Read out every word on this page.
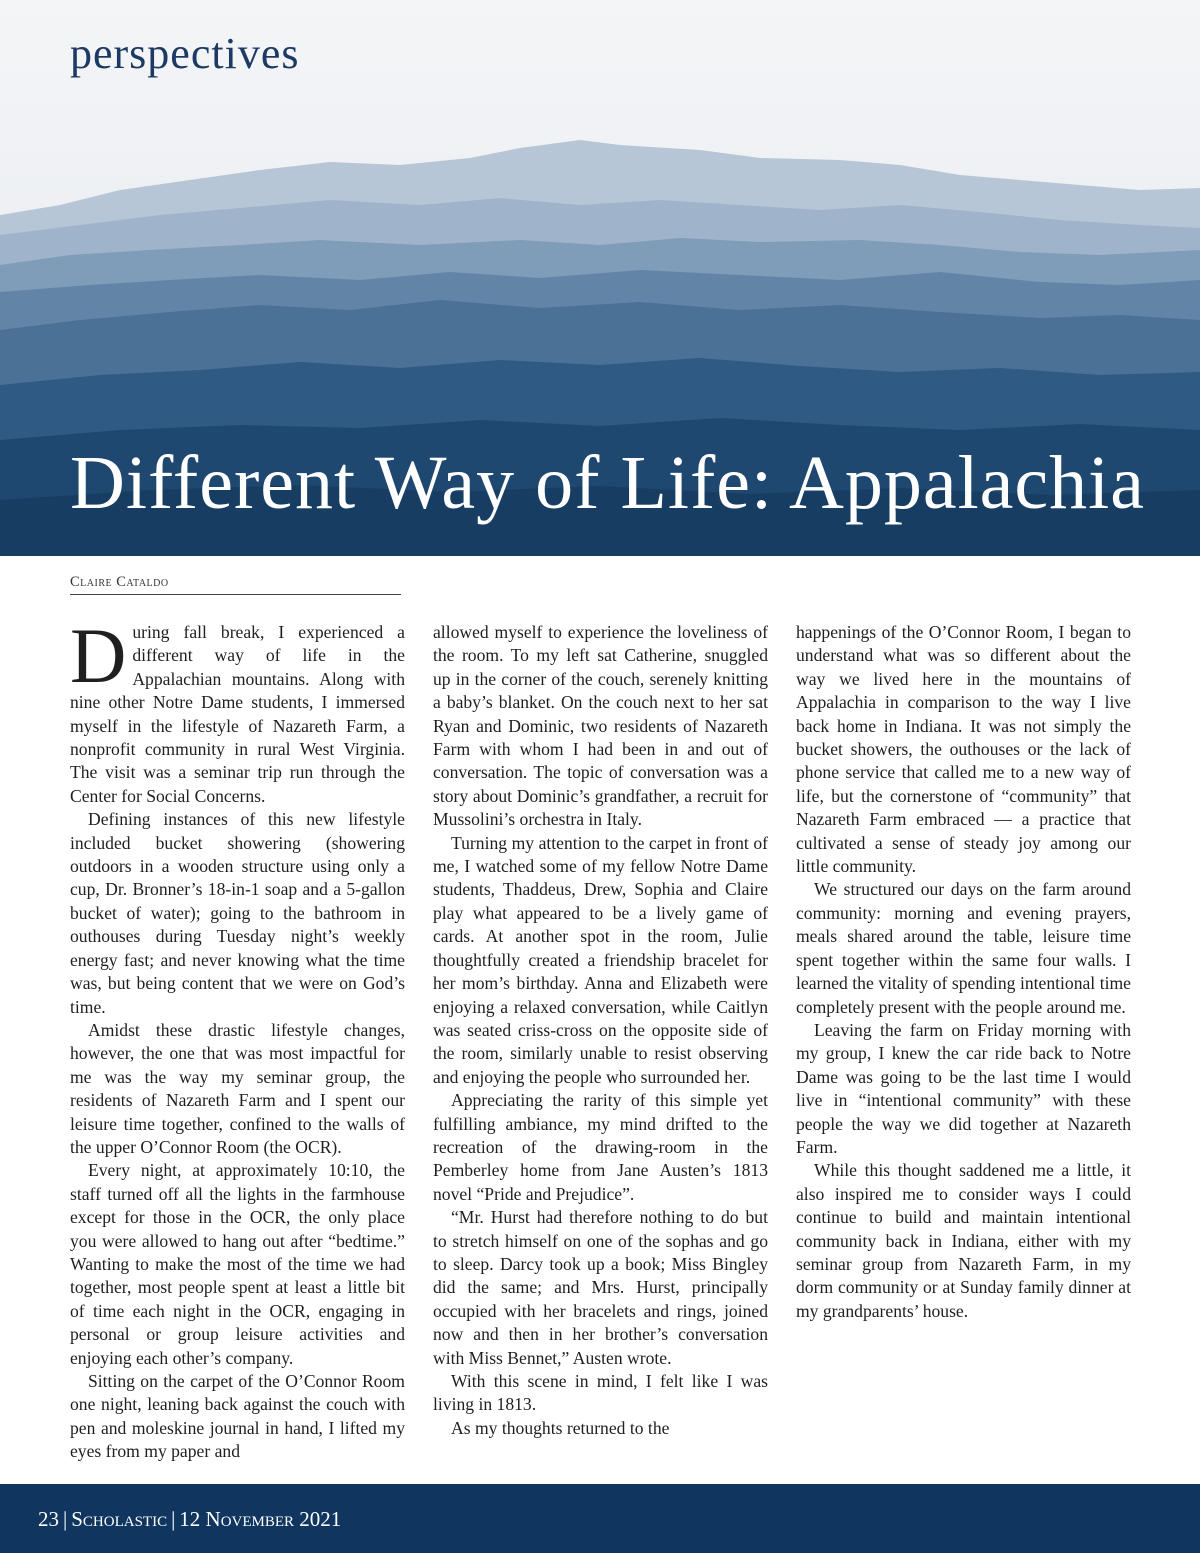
perspectives
Different Way of Life: Appalachia
Claire Cataldo

During fall break, I experienced a different way of life in the Appalachian mountains. Along with nine other Notre Dame students, I immersed myself in the lifestyle of Nazareth Farm, a nonprofit community in rural West Virginia. The visit was a seminar trip run through the Center for Social Concerns.

Defining instances of this new lifestyle included bucket showering (showering outdoors in a wooden structure using only a cup, Dr. Bronner’s 18-in-1 soap and a 5-gallon bucket of water); going to the bathroom in outhouses during Tuesday night’s weekly energy fast; and never knowing what the time was, but being content that we were on God’s time.

Amidst these drastic lifestyle changes, however, the one that was most impactful for me was the way my seminar group, the residents of Nazareth Farm and I spent our leisure time together, confined to the walls of the upper O’Connor Room (the OCR).

Every night, at approximately 10:10, the staff turned off all the lights in the farmhouse except for those in the OCR, the only place you were allowed to hang out after “bedtime.” Wanting to make the most of the time we had together, most people spent at least a little bit of time each night in the OCR, engaging in personal or group leisure activities and enjoying each other’s company.

Sitting on the carpet of the O’Connor Room one night, leaning back against the couch with pen and moleskine journal in hand, I lifted my eyes from my paper and

allowed myself to experience the loveliness of the room. To my left sat Catherine, snuggled up in the corner of the couch, serenely knitting a baby’s blanket. On the couch next to her sat Ryan and Dominic, two residents of Nazareth Farm with whom I had been in and out of conversation. The topic of conversation was a story about Dominic’s grandfather, a recruit for Mussolini’s orchestra in Italy.

Turning my attention to the carpet in front of me, I watched some of my fellow Notre Dame students, Thaddeus, Drew, Sophia and Claire play what appeared to be a lively game of cards. At another spot in the room, Julie thoughtfully created a friendship bracelet for her mom’s birthday. Anna and Elizabeth were enjoying a relaxed conversation, while Caitlyn was seated criss-cross on the opposite side of the room, similarly unable to resist observing and enjoying the people who surrounded her.

Appreciating the rarity of this simple yet fulfilling ambiance, my mind drifted to the recreation of the drawing-room in the Pemberley home from Jane Austen’s 1813 novel “Pride and Prejudice”.

“Mr. Hurst had therefore nothing to do but to stretch himself on one of the sophas and go to sleep. Darcy took up a book; Miss Bingley did the same; and Mrs. Hurst, principally occupied with her bracelets and rings, joined now and then in her brother’s conversation with Miss Bennet,” Austen wrote.

With this scene in mind, I felt like I was living in 1813.

As my thoughts returned to the

happenings of the O’Connor Room, I began to understand what was so different about the way we lived here in the mountains of Appalachia in comparison to the way I live back home in Indiana. It was not simply the bucket showers, the outhouses or the lack of phone service that called me to a new way of life, but the cornerstone of “community” that Nazareth Farm embraced — a practice that cultivated a sense of steady joy among our little community.

We structured our days on the farm around community: morning and evening prayers, meals shared around the table, leisure time spent together within the same four walls. I learned the vitality of spending intentional time completely present with the people around me.

Leaving the farm on Friday morning with my group, I knew the car ride back to Notre Dame was going to be the last time I would live in “intentional community” with these people the way we did together at Nazareth Farm.

While this thought saddened me a little, it also inspired me to consider ways I could continue to build and maintain intentional community back in Indiana, either with my seminar group from Nazareth Farm, in my dorm community or at Sunday family dinner at my grandparents’ house.

23 | Scholastic | 12 November 2021
